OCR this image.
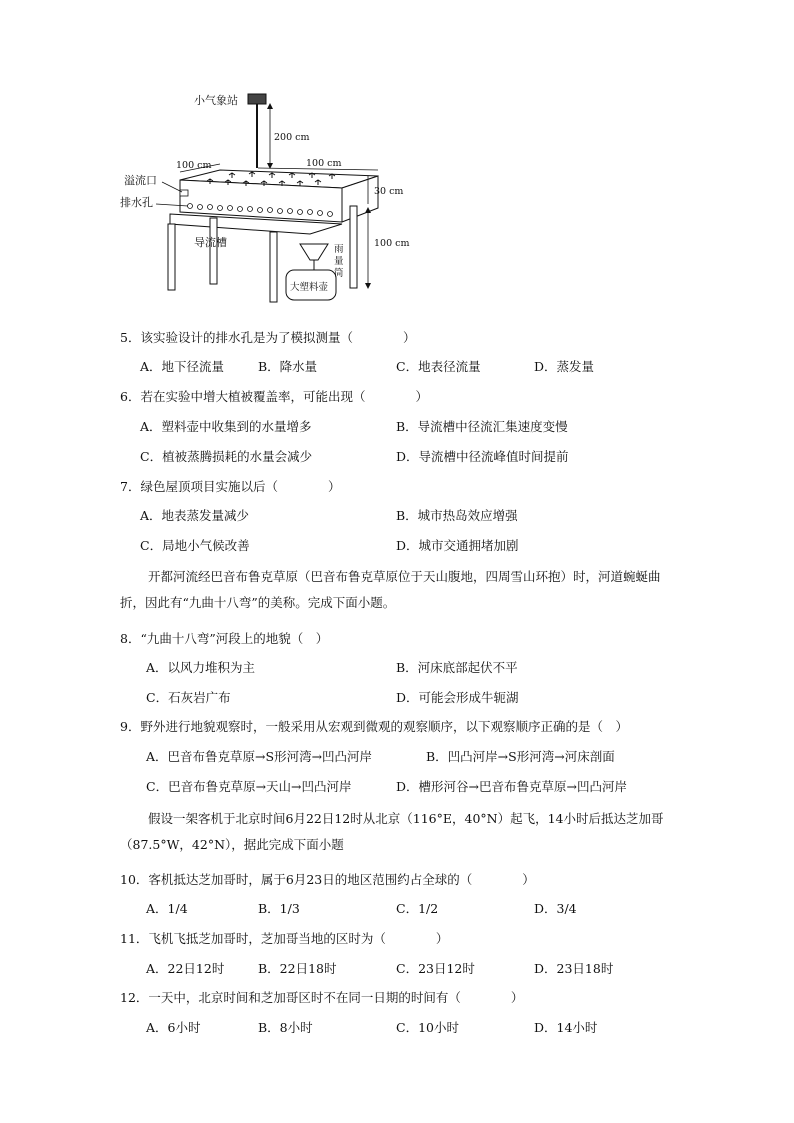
小气象站
200 cm
大塑料壶
雨
量
筒
100 cm	100 cm
30 cm
100 cm
溢流口
排水孔
导流槽
5．该实验设计的排水孔是为了模拟测量（　　　　）
A．地下径流量	B．降水量	C．地表径流量	D．蒸发量
6．若在实验中增大植被覆盖率，可能出现（　　　　）
A．塑料壶中收集到的水量增多	B．导流槽中径流汇集速度变慢
C．植被蒸腾损耗的水量会减少	D．导流槽中径流峰值时间提前
7．绿色屋顶项目实施以后（　　　　）
A．地表蒸发量减少	B．城市热岛效应增强
C．局地小气候改善	D．城市交通拥堵加剧
开都河流经巴音布鲁克草原（巴音布鲁克草原位于天山腹地，四周雪山环抱）时，河道蜿蜒曲折，因此有“九曲十八弯”的美称。完成下面小题。
8．“九曲十八弯”河段上的地貌（　）
A．以风力堆积为主	B．河床底部起伏不平
C．石灰岩广布	D．可能会形成牛轭湖
9．野外进行地貌观察时，一般采用从宏观到微观的观察顺序，以下观察顺序正确的是（　）
A．巴音布鲁克草原→S形河湾→凹凸河岸	B．凹凸河岸→S形河湾→河床剖面
C．巴音布鲁克草原→天山→凹凸河岸	D．槽形河谷→巴音布鲁克草原→凹凸河岸
假设一架客机于北京时间6月22日12时从北京（116°E，40°N）起飞，14小时后抵达芝加哥（87.5°W，42°N），据此完成下面小题
10．客机抵达芝加哥时，属于6月23日的地区范围约占全球的（　　　　）
A．1/4	B．1/3	C．1/2	D．3/4
11．飞机飞抵芝加哥时，芝加哥当地的区时为（　　　　）
A．22日12时	B．22日18时	C．23日12时	D．23日18时
12．一天中，北京时间和芝加哥区时不在同一日期的时间有（　　　　）
A．6小时	B．8小时	C．10小时	D．14小时
